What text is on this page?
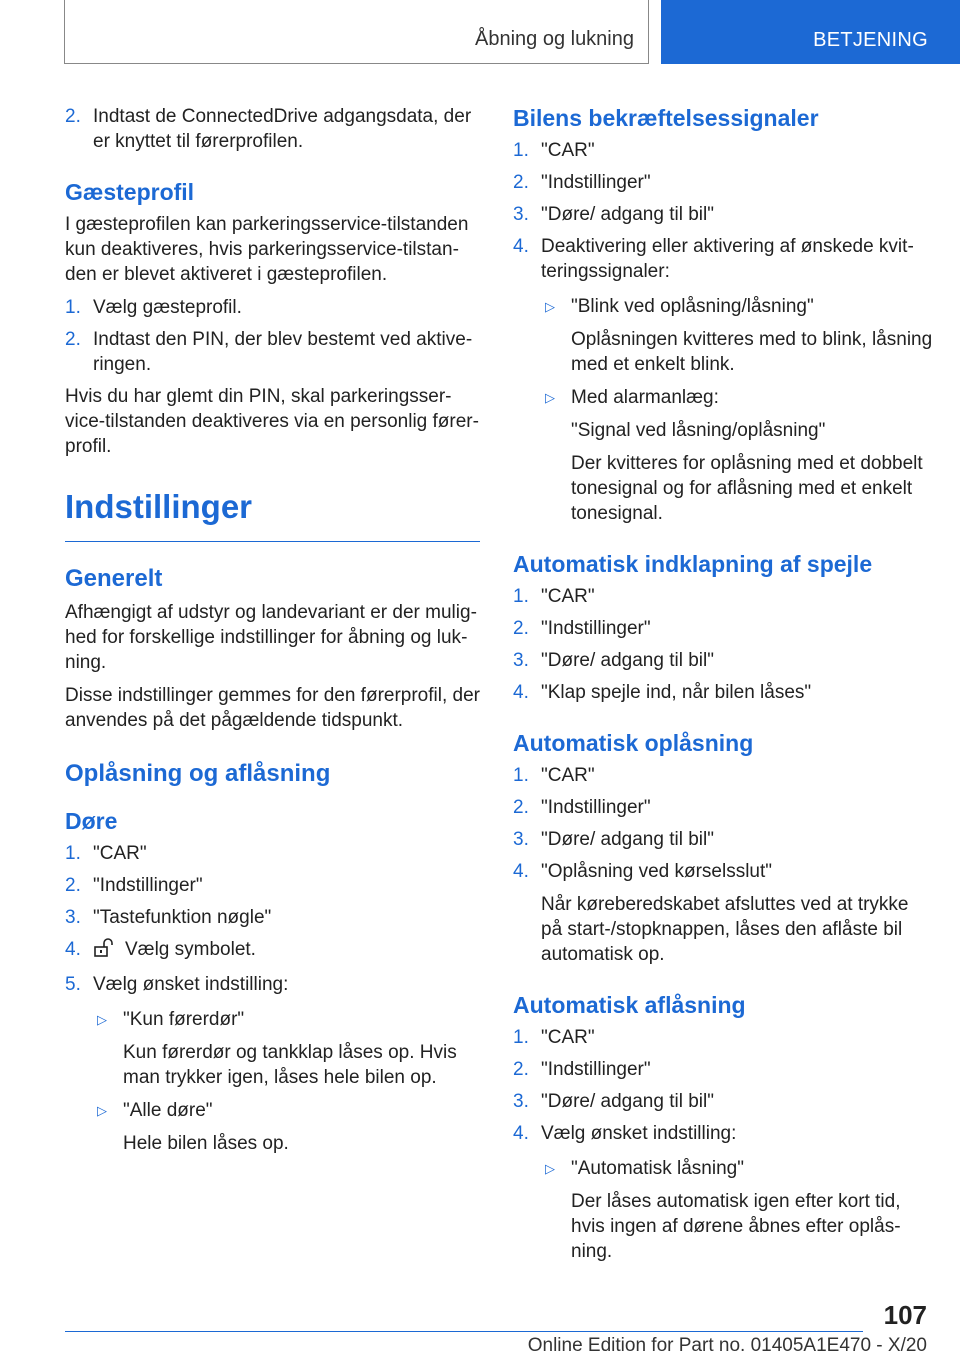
Åbning og lukning	BETJENING
2. Indtast de ConnectedDrive adgangsdata, der er knyttet til førerprofilen.
Gæsteprofil

I gæsteprofilen kan parkeringsservice-tilstanden kun deaktiveres, hvis parkeringsservice-tilstanden er blevet aktiveret i gæsteprofilen.

1. Vælg gæsteprofil.
2. Indtast den PIN, der blev bestemt ved aktiveringen.

Hvis du har glemt din PIN, skal parkeringsservice-tilstanden deaktiveres via en personlig førerprofil.

Indstillinger
Generelt

Afhængigt af udstyr og landevariant er der mulighed for forskellige indstillinger for åbning og lukning.

Disse indstillinger gemmes for den førerprofil, der anvendes på det pågældende tidspunkt.

Oplåsning og aflåsning
Døre
1. "CAR"
2. "Indstillinger"
3. "Tastefunktion nøgle"
4. Vælg symbolet.
5. Vælg ønsket indstilling:
▷ "Kun førerdør"
Kun førerdør og tankklap låses op. Hvis man trykker igen, låses hele bilen op.
▷ "Alle døre"
Hele bilen låses op.
Bilens bekræftelsessignaler
1. "CAR"
2. "Indstillinger"
3. "Døre/ adgang til bil"
4. Deaktivering eller aktivering af ønskede kvitteringssignaler:
▷ "Blink ved oplåsning/låsning"
Oplåsningen kvitteres med to blink, låsning med et enkelt blink.
▷ Med alarmanlæg:
"Signal ved låsning/oplåsning"
Der kvitteres for oplåsning med et dobbelt tonesignal og for aflåsning med et enkelt tonesignal.
Automatisk indklapning af spejle
1. "CAR"
2. "Indstillinger"
3. "Døre/ adgang til bil"
4. "Klap spejle ind, når bilen låses"
Automatisk oplåsning
1. "CAR"
2. "Indstillinger"
3. "Døre/ adgang til bil"
4. "Oplåsning ved kørselsslut"
Når køreberedskabet afsluttes ved at trykke på start-/stopknappen, låses den aflåste bil automatisk op.
Automatisk aflåsning
1. "CAR"
2. "Indstillinger"
3. "Døre/ adgang til bil"
4. Vælg ønsket indstilling:
▷ "Automatisk låsning"
Der låses automatisk igen efter kort tid, hvis ingen af dørene åbnes efter oplåsning.
107
Online Edition for Part no. 01405A1E470 - X/20
